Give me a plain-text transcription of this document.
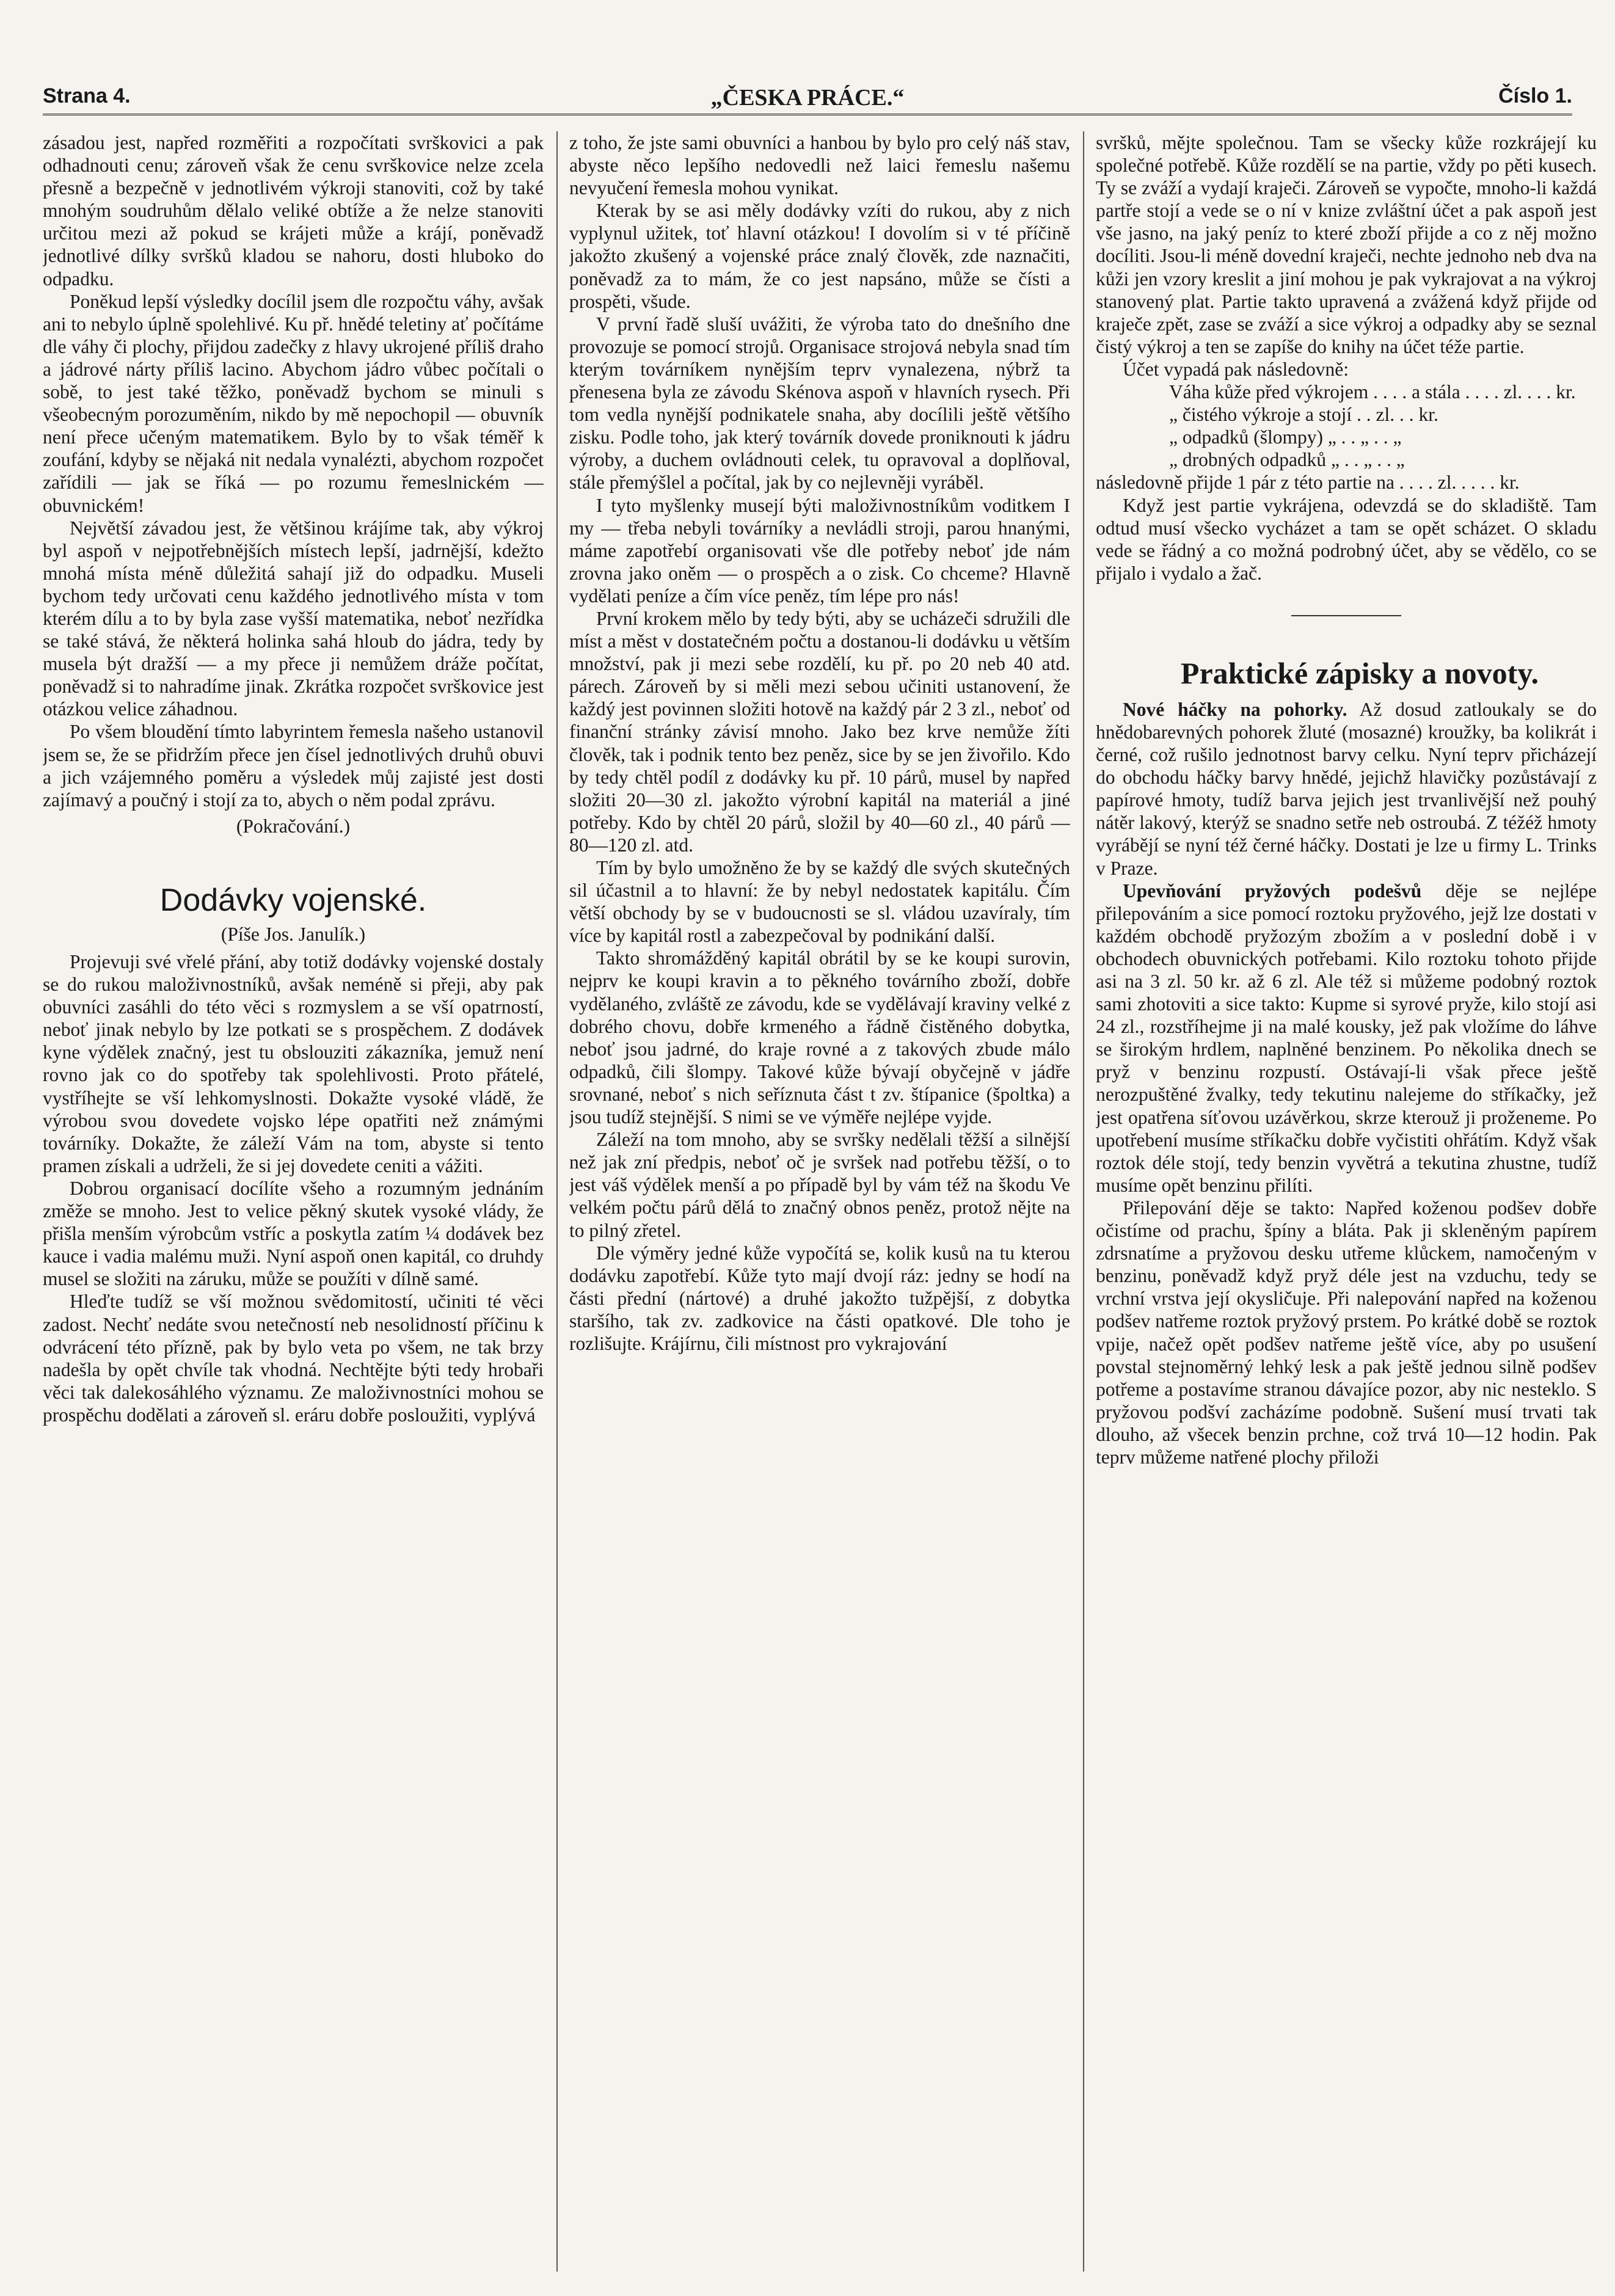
Strana 4.	„ČESKA PRÁCE.“	Číslo 1.

zásadou jest, napřed rozměřiti a rozpočítati svrškovici a pak odhadnouti cenu; zároveň však že cenu svrškovice nelze zcela přesně a bezpečně v jednotlivém výkroji stanoviti, což by také mnohým soudruhům dělalo veliké obtíže a že nelze stanoviti určitou mezi až pokud se krájeti může a krájí, poněvadž jednotlivé dílky svršků kladou se nahoru, dosti hluboko do odpadku.

Poněkud lepší výsledky docílil jsem dle rozpočtu váhy, avšak ani to nebylo úplně spolehlivé. Ku př. hnědé teletiny ať počítáme dle váhy či plochy, přijdou zadečky z hlavy ukrojené příliš draho a jádrové nárty příliš lacino. Abychom jádro vůbec počítali o sobě, to jest také těžko, poněvadž bychom se minuli s všeobecným porozuměním, nikdo by mě nepochopil — obuvník není přece učeným matematikem. Bylo by to však téměř k zoufání, kdyby se nějaká nit nedala vynalézti, abychom rozpočet zařídili — jak se říká — po rozumu řemeslnickém — obuvnickém!

Největší závadou jest, že většinou krájíme tak, aby výkroj byl aspoň v nejpotřebnějších místech lepší, jadrnější, kdežto mnohá místa méně důležitá sahají již do odpadku. Museli bychom tedy určovati cenu každého jednotlivého místa v tom kterém dílu a to by byla zase vyšší matematika, neboť nezřídka se také stává, že některá holinka sahá hloub do jádra, tedy by musela být dražší — a my přece ji nemůžem dráže počítat, poněvadž si to nahradíme jinak. Zkrátka rozpočet svrškovice jest otázkou velice záhadnou.

Po všem bloudění tímto labyrintem řemesla našeho ustanovil jsem se, že se přidržím přece jen čísel jednotlivých druhů obuvi a jich vzájemného poměru a výsledek můj zajisté jest dosti zajímavý a poučný i stojí za to, abych o něm podal zprávu.

(Pokračování.)

Dodávky vojenské.

(Píše Jos. Janulík.)

Projevuji své vřelé přání, aby totiž dodávky vojenské dostaly se do rukou maloživnostníků, avšak neméně si přeji, aby pak obuvníci zasáhli do této věci s rozmyslem a se vší opatrností, neboť jinak nebylo by lze potkati se s prospěchem. Z dodávek kyne výdělek značný, jest tu obslouziti zákazníka, jemuž není rovno jak co do spotřeby tak spolehlivosti. Proto přátelé, vystříhejte se vší lehkomyslnosti. Dokažte vysoké vládě, že výrobou svou dovedete vojsko lépe opatřiti než známými továrníky. Dokažte, že záleží Vám na tom, abyste si tento pramen získali a udrželi, že si jej dovedete ceniti a vážiti.

Dobrou organisací docílíte všeho a rozumným jednáním změže se mnoho. Jest to velice pěkný skutek vysoké vlády, že přišla menším výrobcům vstříc a poskytla zatím ¼ dodávek bez kauce i vadia malému muži. Nyní aspoň onen kapitál, co druhdy musel se složiti na záruku, může se použíti v dílně samé.

Hleďte tudíž se vší možnou svědomitostí, učiniti té věci zadost. Nechť nedáte svou netečností neb nesolidností příčinu k odvrácení této přízně, pak by bylo veta po všem, ne tak brzy nadešla by opět chvíle tak vhodná. Nechtějte býti tedy hrobaři věci tak dalekosáhlého významu. Ze maloživnostníci mohou se prospěchu dodělati a zároveň sl. eráru dobře posloužiti, vyplývá

z toho, že jste sami obuvníci a hanbou by bylo pro celý náš stav, abyste něco lepšího nedovedli než laici řemeslu našemu nevyučení řemesla mohou vynikat.

Kterak by se asi měly dodávky vzíti do rukou, aby z nich vyplynul užitek, toť hlavní otázkou! I dovolím si v té příčině jakožto zkušený a vojenské práce znalý člověk, zde naznačiti, poněvadž za to mám, že co jest napsáno, může se čísti a prospěti, všude.

V první řadě sluší uvážiti, že výroba tato do dnešního dne provozuje se pomocí strojů. Organisace strojová nebyla snad tím kterým továrníkem nynějším teprv vynalezena, nýbrž ta přenesena byla ze závodu Skénova aspoň v hlavních rysech. Při tom vedla nynější podnikatele snaha, aby docílili ještě většího zisku. Podle toho, jak který továrník dovede proniknouti k jádru výroby, a duchem ovládnouti celek, tu opravoval a doplňoval, stále přemýšlel a počítal, jak by co nejlevněji vyráběl.

I tyto myšlenky musejí býti maloživnostníkům voditkem I my — třeba nebyli továrníky a nevládli stroji, parou hnanými, máme zapotřebí organisovati vše dle potřeby neboť jde nám zrovna jako oněm — o prospěch a o zisk. Co chceme? Hlavně vydělati peníze a čím více peněz, tím lépe pro nás!

První krokem mělo by tedy býti, aby se ucházeči sdružili dle míst a měst v dostatečném počtu a dostanou-li dodávku u větším množství, pak ji mezi sebe rozdělí, ku př. po 20 neb 40 atd. párech. Zároveň by si měli mezi sebou učiniti ustanovení, že každý jest povinnen složiti hotově na každý pár 2 3 zl., neboť od finanční stránky závisí mnoho. Jako bez krve nemůže žíti člověk, tak i podnik tento bez peněz, sice by se jen živořilo. Kdo by tedy chtěl podíl z dodávky ku př. 10 párů, musel by napřed složiti 20—30 zl. jakožto výrobní kapitál na materiál a jiné potřeby. Kdo by chtěl 20 párů, složil by 40—60 zl., 40 párů — 80—120 zl. atd.

Tím by bylo umožněno že by se každý dle svých skutečných sil účastnil a to hlavní: že by nebyl nedostatek kapitálu. Čím větší obchody by se v budoucnosti se sl. vládou uzavíraly, tím více by kapitál rostl a zabezpečoval by podnikání další.

Takto shromážděný kapitál obrátil by se ke koupi surovin, nejprv ke koupi kravin a to pěkného továrního zboží, dobře vydělaného, zvláště ze závodu, kde se vydělávají kraviny velké z dobrého chovu, dobře krmeného a řádně čistěného dobytka, neboť jsou jadrné, do kraje rovné a z takových zbude málo odpadků, čili šlompy. Takové kůže bývají obyčejně v jádře srovnané, neboť s nich seříznuta část t zv. štípanice (špoltka) a jsou tudíž stejnější. S nimi se ve výměře nejlépe vyjde.

Záleží na tom mnoho, aby se svršky nedělali těžší a silnější než jak zní předpis, neboť oč je svršek nad potřebu těžší, o to jest váš výdělek menší a po případě byl by vám též na škodu Ve velkém počtu párů dělá to značný obnos peněz, protož nějte na to pilný zřetel.

Dle výměry jedné kůže vypočítá se, kolik kusů na tu kterou dodávku zapotřebí. Kůže tyto mají dvojí ráz: jedny se hodí na části přední (nártové) a druhé jakožto tužpější, z dobytka staršího, tak zv. zadkovice na části opatkové. Dle toho je rozlišujte. Krájírnu, čili místnost pro vykrajování

svršků, mějte společnou. Tam se všecky kůže rozkrájejí ku společné potřebě. Kůže rozdělí se na partie, vždy po pěti kusech. Ty se zváží a vydají kraječi. Zároveň se vypočte, mnoho-li každá partře stojí a vede se o ní v knize zvláštní účet a pak aspoň jest vše jasno, na jaký peníz to které zboží přijde a co z něj možno docíliti. Jsou-li méně dovední kraječi, nechte jednoho neb dva na kůži jen vzory kreslit a jiní mohou je pak vykrajovat a na výkroj stanovený plat. Partie takto upravená a zvážená když přijde od kraječe zpět, zase se zváží a sice výkroj a odpadky aby se seznal čistý výkroj a ten se zapíše do knihy na účet téže partie.

Účet vypadá pak následovně:

Váha kůže před výkrojem . . . . a stála . . . . zl. . . . kr.

„ čistého výkroje a stojí . . zl. . . kr.

„ odpadků (šlompy) „ . . „ . . „

„ drobných odpadků „ . . „ . . „

následovně přijde 1 pár z této partie na . . . . zl. . . . . kr.

Když jest partie vykrájena, odevzdá se do skladiště. Tam odtud musí všecko vycházet a tam se opět scházet. O skladu vede se řádný a co možná podrobný účet, aby se vědělo, co se přijalo i vydalo a žač.

Praktické zápisky a novoty.

Nové háčky na pohorky. Až dosud zatloukaly se do hnědobarevných pohorek žluté (mosazné) kroužky, ba kolikrát i černé, což rušilo jednotnost barvy celku. Nyní teprv přicházejí do obchodu háčky barvy hnědé, jejichž hlavičky pozůstávají z papírové hmoty, tudíž barva jejich jest trvanlivější než pouhý nátěr lakový, kterýž se snadno setře neb ostroubá. Z téžéž hmoty vyrábějí se nyní též černé háčky. Dostati je lze u firmy L. Trinks v Praze.

Upevňování pryžových podešvů děje se nejlépe přilepováním a sice pomocí roztoku pryžového, jejž lze dostati v každém obchodě pryžozým zbožím a v poslední době i v obchodech obuvnických potřebami. Kilo roztoku tohoto přijde asi na 3 zl. 50 kr. až 6 zl. Ale též si můžeme podobný roztok sami zhotoviti a sice takto: Kupme si syrové pryže, kilo stojí asi 24 zl., rozstříhejme ji na malé kousky, jež pak vložíme do láhve se širokým hrdlem, naplněné benzinem. Po několika dnech se pryž v benzinu rozpustí. Ostávají-li však přece ještě nerozpuštěné žvalky, tedy tekutinu nalejeme do stříkačky, jež jest opatřena síťovou uzávěrkou, skrze kterouž ji proženeme. Po upotřebení musíme stříkačku dobře vyčistiti ohřátím. Když však roztok déle stojí, tedy benzin vyvětrá a tekutina zhustne, tudíž musíme opět benzinu přilíti.

Přilepování děje se takto: Napřed koženou podšev dobře očistíme od prachu, špíny a bláta. Pak ji skleněným papírem zdrsnatíme a pryžovou desku utřeme klůckem, namočeným v benzinu, poněvadž když pryž déle jest na vzduchu, tedy se vrchní vrstva její okysličuje. Při nalepování napřed na koženou podšev natřeme roztok pryžový prstem. Po krátké době se roztok vpije, načež opět podšev natřeme ještě více, aby po usušení povstal stejnoměrný lehký lesk a pak ještě jednou silně podšev potřeme a postavíme stranou dávajíce pozor, aby nic nesteklo. S pryžovou podšví zacházíme podobně. Sušení musí trvati tak dlouho, až všecek benzin prchne, což trvá 10—12 hodin. Pak teprv můžeme natřené plochy přiloži
